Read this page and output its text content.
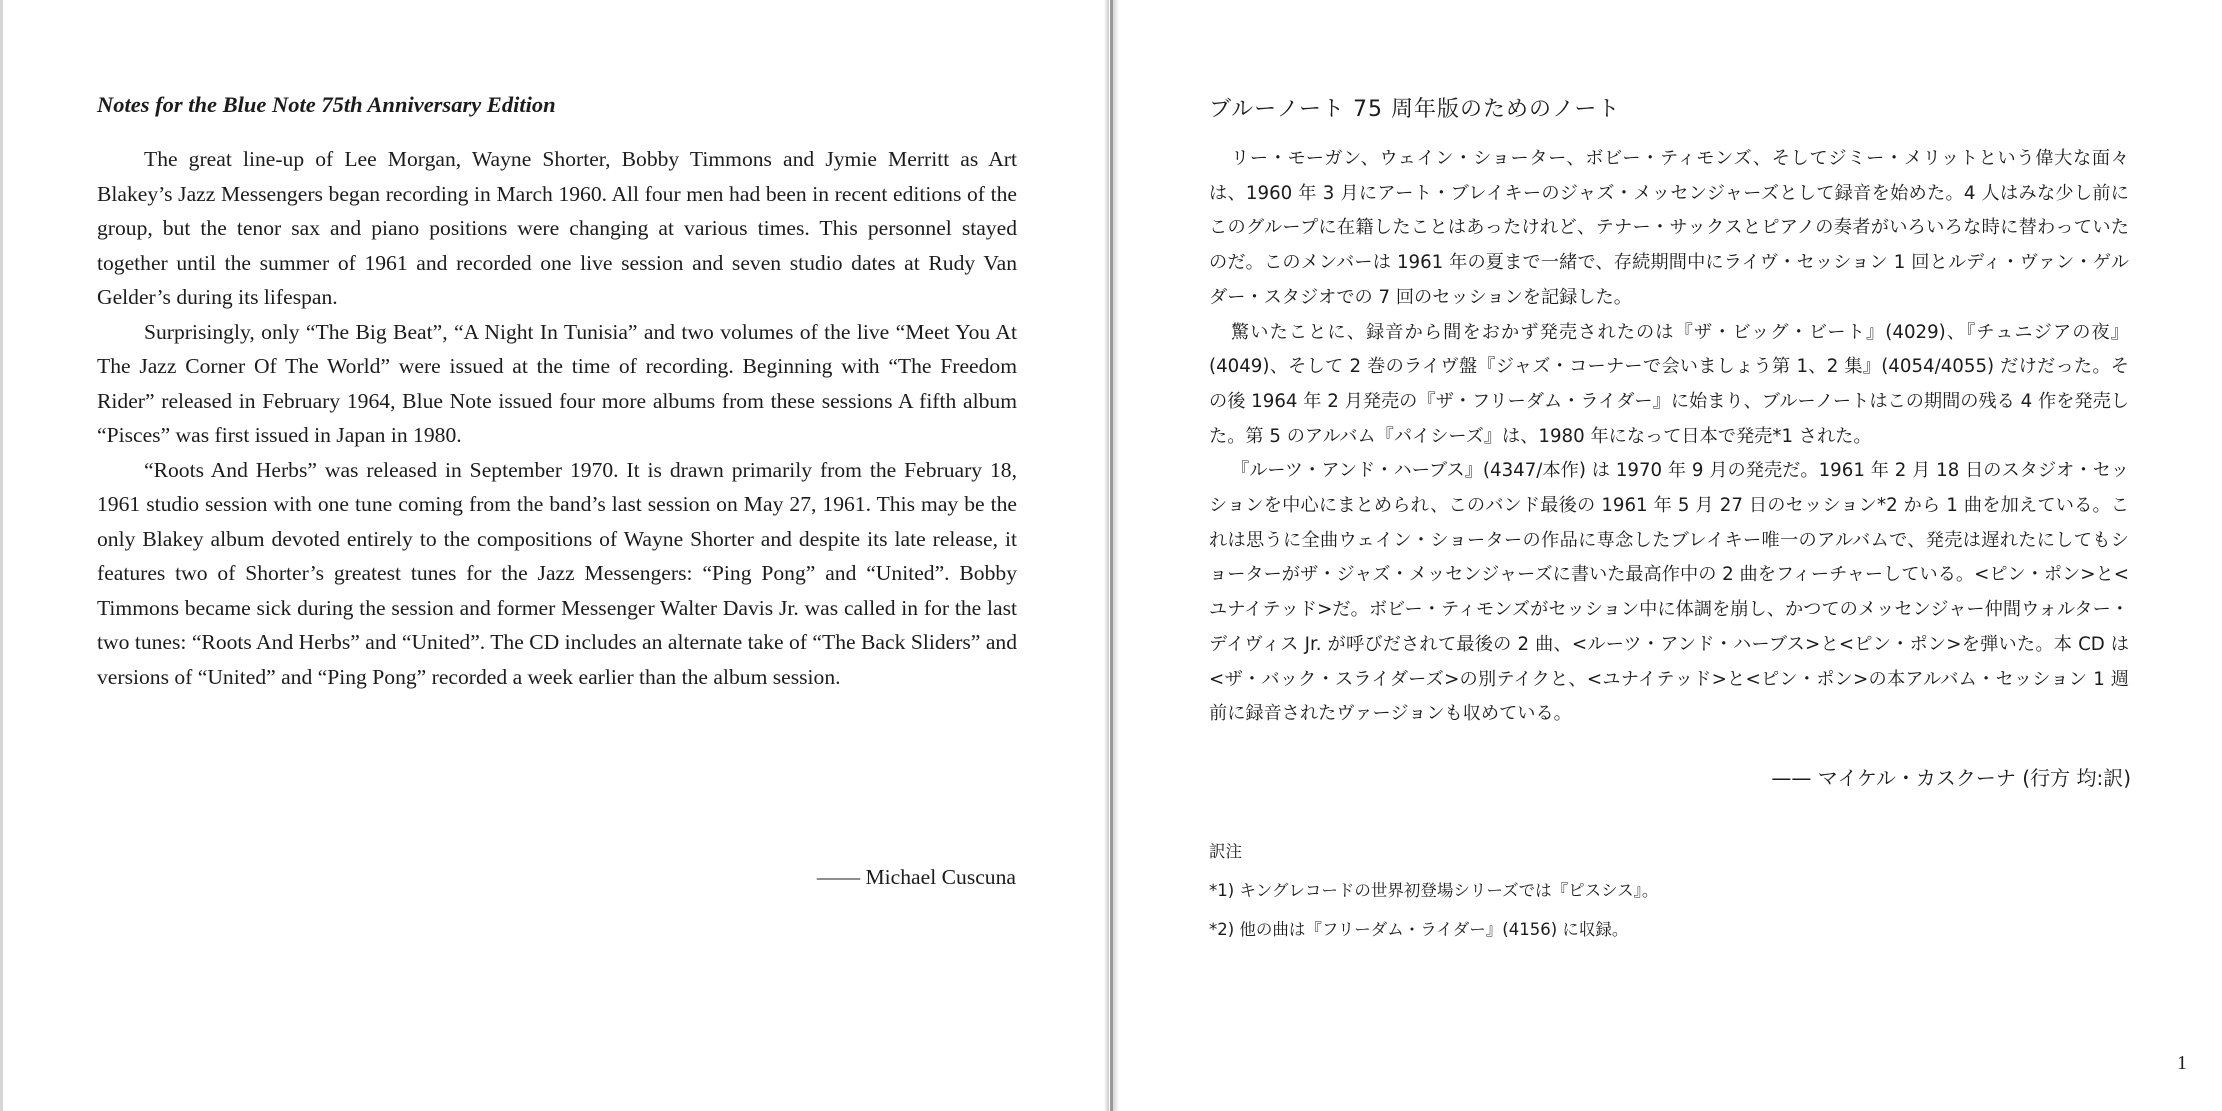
Notes for the Blue Note 75th Anniversary Edition

The great line-up of Lee Morgan, Wayne Shorter, Bobby Timmons and Jymie Merritt as Art Blakey’s Jazz Messengers began recording in March 1960. All four men had been in recent editions of the group, but the tenor sax and piano positions were changing at various times. This personnel stayed together until the summer of 1961 and recorded one live session and seven studio dates at Rudy Van Gelder’s during its lifespan.

Surprisingly, only “The Big Beat”, “A Night In Tunisia” and two volumes of the live “Meet You At The Jazz Corner Of The World” were issued at the time of recording. Beginning with “The Freedom Rider” released in February 1964, Blue Note issued four more albums from these sessions A fifth album “Pisces” was first issued in Japan in 1980.

“Roots And Herbs” was released in September 1970. It is drawn primarily from the February 18, 1961 studio session with one tune coming from the band’s last session on May 27, 1961. This may be the only Blakey album devoted entirely to the compositions of Wayne Shorter and despite its late release, it features two of Shorter’s greatest tunes for the Jazz Messengers: “Ping Pong” and “United”. Bobby Timmons became sick during the session and former Messenger Walter Davis Jr. was called in for the last two tunes: “Roots And Herbs” and “United”. The CD includes an alternate take of “The Back Sliders” and versions of “United” and “Ping Pong” recorded a week earlier than the album session.

—— Michael Cuscuna

ブルーノート 75 周年版のためのノート

リー・モーガン、ウェイン・ショーター、ボビー・ティモンズ、そしてジミー・メリットという偉大な面々は、1960 年 3 月にアート・ブレイキーのジャズ・メッセンジャーズとして録音を始めた。4 人はみな少し前にこのグループに在籍したことはあったけれど、テナー・サックスとピアノの奏者がいろいろな時に替わっていたのだ。このメンバーは 1961 年の夏まで一緒で、存続期間中にライヴ・セッション 1 回とルディ・ヴァン・ゲルダー・スタジオでの 7 回のセッションを記録した。

驚いたことに、録音から間をおかず発売されたのは『ザ・ビッグ・ビート』(4029)、『チュニジアの夜』(4049)、そして 2 巻のライヴ盤『ジャズ・コーナーで会いましょう第 1、2 集』(4054/4055) だけだった。その後 1964 年 2 月発売の『ザ・フリーダム・ライダー』に始まり、ブルーノートはこの期間の残る 4 作を発売した。第 5 のアルバム『パイシーズ』は、1980 年になって日本で発売*1 された。

『ルーツ・アンド・ハーブス』(4347/本作) は 1970 年 9 月の発売だ。1961 年 2 月 18 日のスタジオ・セッションを中心にまとめられ、このバンド最後の 1961 年 5 月 27 日のセッション*2 から 1 曲を加えている。これは思うに全曲ウェイン・ショーターの作品に専念したブレイキー唯一のアルバムで、発売は遅れたにしてもショーターがザ・ジャズ・メッセンジャーズに書いた最高作中の 2 曲をフィーチャーしている。<ピン・ポン>と<ユナイテッド>だ。ボビー・ティモンズがセッション中に体調を崩し、かつてのメッセンジャー仲間ウォルター・デイヴィス Jr. が呼びだされて最後の 2 曲、<ルーツ・アンド・ハーブス>と<ピン・ポン>を弾いた。本 CD は<ザ・バック・スライダーズ>の別テイクと、<ユナイテッド>と<ピン・ポン>の本アルバム・セッション 1 週前に録音されたヴァージョンも収めている。

—— マイケル・カスクーナ (行方 均:訳)

訳注

*1) キングレコードの世界初登場シリーズでは『ピスシス』。

*2) 他の曲は『フリーダム・ライダー』(4156) に収録。

1
